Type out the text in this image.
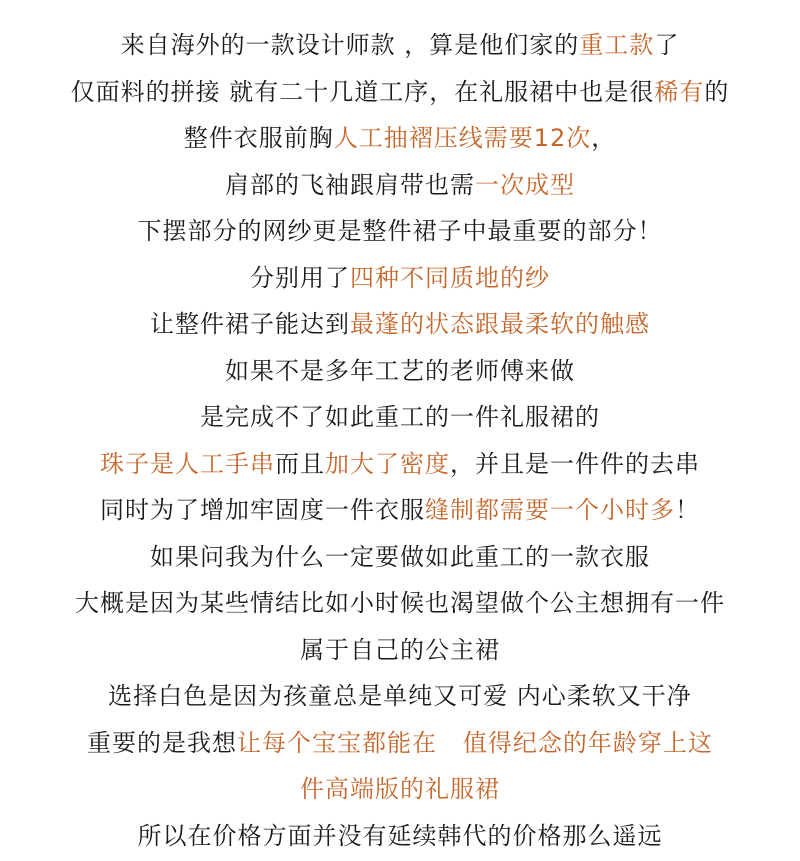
来自海外的一款设计师款 ，算是他们家的重工款了
仅面料的拼接 就有二十几道工序，在礼服裙中也是很稀有的
整件衣服前胸人工抽褶压线需要12次，
肩部的飞袖跟肩带也需一次成型
下摆部分的网纱更是整件裙子中最重要的部分！
分别用了四种不同质地的纱
让整件裙子能达到最蓬的状态跟最柔软的触感
如果不是多年工艺的老师傅来做
是完成不了如此重工的一件礼服裙的
珠子是人工手串而且加大了密度，并且是一件件的去串
同时为了增加牢固度一件衣服缝制都需要一个小时多！
如果问我为什么一定要做如此重工的一款衣服
大概是因为某些情结比如小时候也渴望做个公主想拥有一件
属于自己的公主裙
选择白色是因为孩童总是单纯又可爱 内心柔软又干净
重要的是我想让每个宝宝都能在   值得纪念的年龄穿上这
件高端版的礼服裙
所以在价格方面并没有延续韩代的价格那么遥远
